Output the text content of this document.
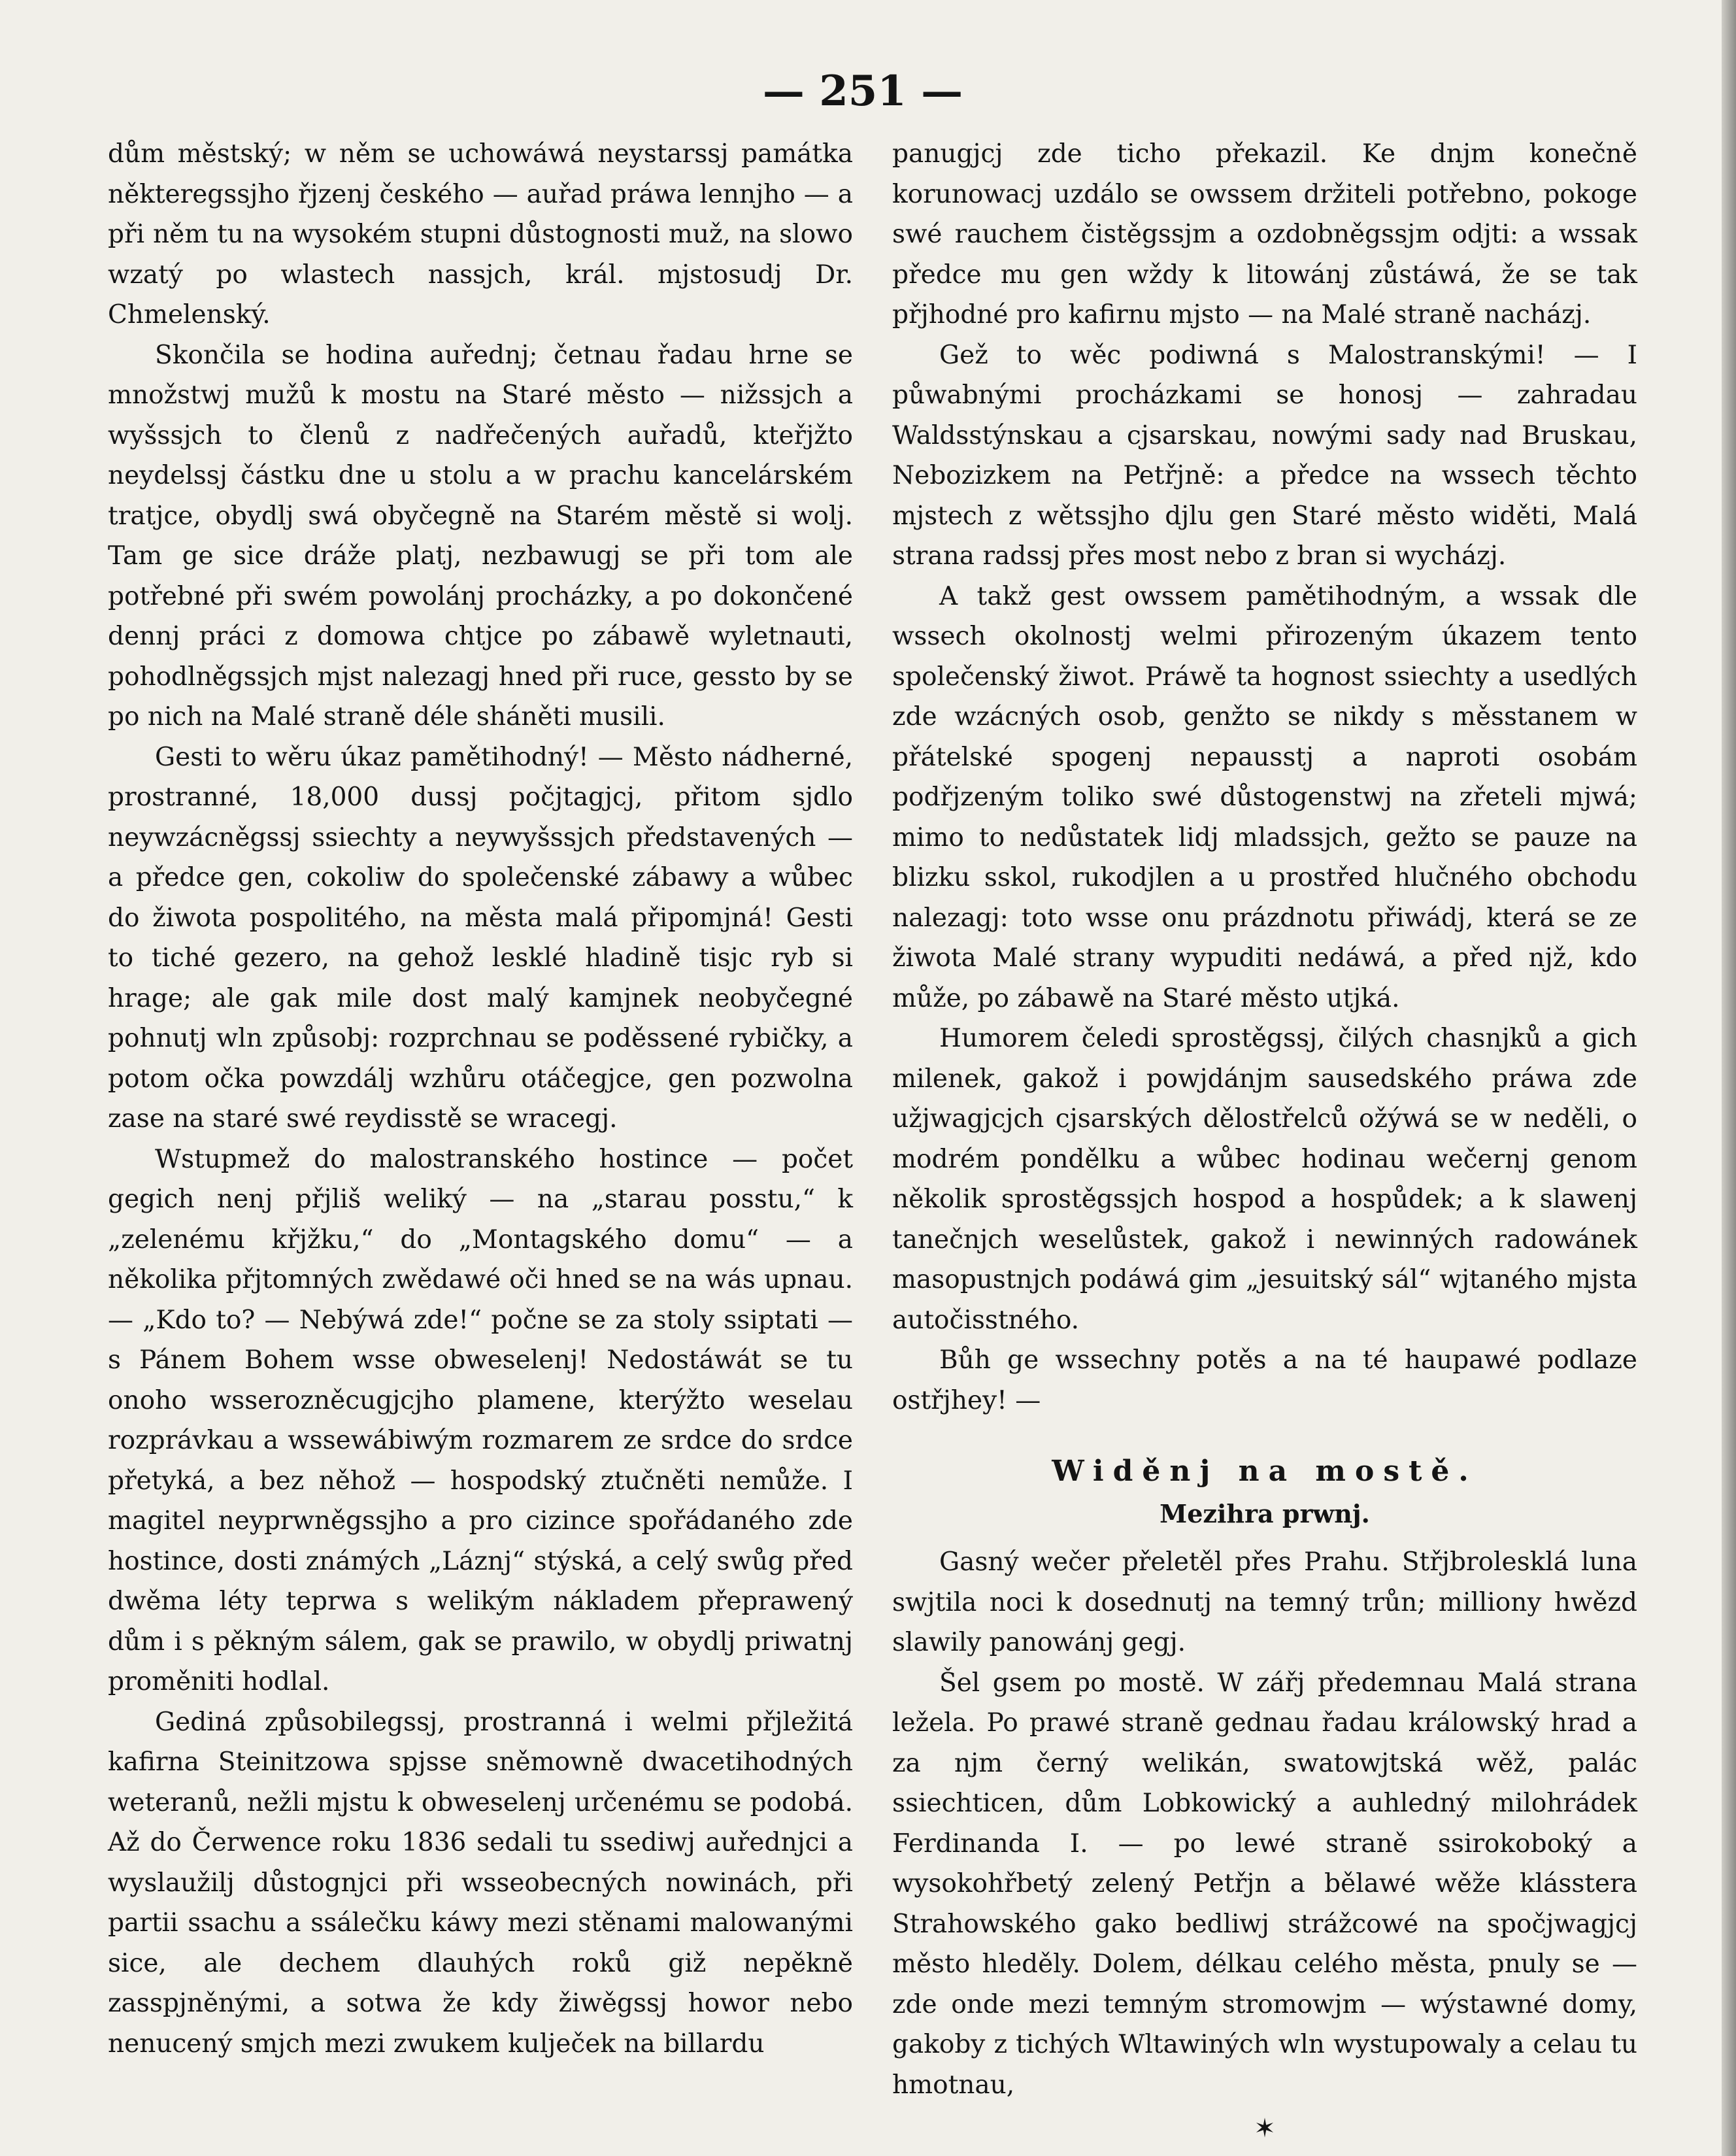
— 251 —

dům městský; w něm se uchowáwá neystarssj památka některegssjho řjzenj českého — auřad práwa lennjho — a při něm tu na wysokém stupni důstognosti muž, na slowo wzatý po wlastech nassjch, král. mjstosudj Dr. Chmelenský.

Skončila se hodina auřednj; četnau řadau hrne se množstwj mužů k mostu na Staré město — nižssjch a wyšssjch to členů z nadřečených auřadů, kteřjžto neydelssj částku dne u stolu a w prachu kancelárském tratjce, obydlj swá obyčegně na Starém městě si wolj. Tam ge sice dráže platj, nezbawugj se při tom ale potřebné při swém powolánj procházky, a po dokončené dennj práci z domowa chtjce po zábawě wyletnauti, pohodlněgssjch mjst nalezagj hned při ruce, gessto by se po nich na Malé straně déle sháněti musili.

Gesti to wěru úkaz pamětihodný! — Město nádherné, prostranné, 18,000 dussj počjtagjcj, přitom sjdlo neywzácněgssj ssiechty a neywyšssjch představených — a předce gen, cokoliw do společenské zábawy a wůbec do žiwota pospolitého, na města malá připomjná! Gesti to tiché gezero, na gehož lesklé hladině tisjc ryb si hrage; ale gak mile dost malý kamjnek neobyčegné pohnutj wln způsobj: rozprchnau se poděssené rybičky, a potom očka powzdálj wzhůru otáčegjce, gen pozwolna zase na staré swé reydisstě se wracegj.

Wstupmež do malostranského hostince — počet gegich nenj přjliš weliký — na „starau posstu,“ k „zelenému křjžku,“ do „Montagského domu“ — a několika přjtomných zwědawé oči hned se na wás upnau. — „Kdo to? — Nebýwá zde!“ počne se za stoly ssiptati — s Pánem Bohem wsse obweselenj! Nedostáwát se tu onoho wsserozněcugjcjho plamene, kterýžto weselau rozprávkau a wssewábiwým rozmarem ze srdce do srdce přetyká, a bez něhož — hospodský ztučněti nemůže. I magitel neyprwněgssjho a pro cizince spořádaného zde hostince, dosti známých „Láznj“ stýská, a celý swůg před dwěma léty teprwa s welikým nákladem přeprawený dům i s pěkným sálem, gak se prawilo, w obydlj priwatnj proměniti hodlal.

Gediná způsobilegssj, prostranná i welmi přjležitá kafirna Steinitzowa spjsse sněmowně dwacetihodných weteranů, nežli mjstu k obweselenj určenému se podobá. Až do Čerwence roku 1836 sedali tu ssediwj auřednjci a wyslaužilj důstognjci při wsseobecných nowinách, při partii ssachu a ssálečku káwy mezi stěnami malowanými sice, ale dechem dlauhých roků giž nepěkně zasspjněnými, a sotwa že kdy žiwěgssj howor nebo nenucený smjch mezi zwukem kulječek na billardu

panugjcj zde ticho překazil. Ke dnjm konečně korunowacj uzdálo se owssem držiteli potřebno, pokoge swé rauchem čistěgssjm a ozdobněgssjm odjti: a wssak předce mu gen wždy k litowánj zůstáwá, že se tak přjhodné pro kafirnu mjsto — na Malé straně nacházj.

Gež to wěc podiwná s Malostranskými! — I půwabnými procházkami se honosj — zahradau Waldsstýnskau a cjsarskau, nowými sady nad Bruskau, Nebozizkem na Petřjně: a předce na wssech těchto mjstech z wětssjho djlu gen Staré město widěti, Malá strana radssj přes most nebo z bran si wycházj.

A takž gest owssem pamětihodným, a wssak dle wssech okolnostj welmi přirozeným úkazem tento společenský žiwot. Práwě ta hognost ssiechty a usedlých zde wzácných osob, genžto se nikdy s měsstanem w přátelské spogenj nepausstj a naproti osobám podřjzeným toliko swé důstogenstwj na zřeteli mjwá; mimo to nedůstatek lidj mladssjch, gežto se pauze na blizku sskol, rukodjlen a u prostřed hlučného obchodu nalezagj: toto wsse onu prázdnotu přiwádj, která se ze žiwota Malé strany wypuditi nedáwá, a před njž, kdo může, po zábawě na Staré město utjká.

Humorem čeledi sprostěgssj, čilých chasnjků a gich milenek, gakož i powjdánjm sausedského práwa zde užjwagjcjch cjsarských dělostřelců ožýwá se w neděli, o modrém pondělku a wůbec hodinau wečernj genom několik sprostěgssjch hospod a hospůdek; a k slawenj tanečnjch weselůstek, gakož i newinných radowánek masopustnjch podáwá gim „jesuitský sál“ wjtaného mjsta autočisstného.

Bůh ge wssechny potěs a na té haupawé podlaze ostřjhey! —

Widěnj na mostě.
Mezihra prwnj.

Gasný wečer přeletěl přes Prahu. Střjbrolesklá luna swjtila noci k dosednutj na temný trůn; milliony hwězd slawily panowánj gegj.

Šel gsem po mostě. W zářj předemnau Malá strana ležela. Po prawé straně gednau řadau králowský hrad a za njm černý welikán, swatowjtská wěž, palác ssiechticen, dům Lobkowický a auhledný milohrádek Ferdinanda I. — po lewé straně ssirokoboký a wysokohřbetý zelený Petřjn a bělawé wěže klásstera Strahowského gako bedliwj strážcowé na spočjwagjcj město hleděly. Dolem, délkau celého města, pnuly se — zde onde mezi temným stromowjm — wýstawné domy, gakoby z tichých Wltawiných wln wystupowaly a celau tu hmotnau,

✶
